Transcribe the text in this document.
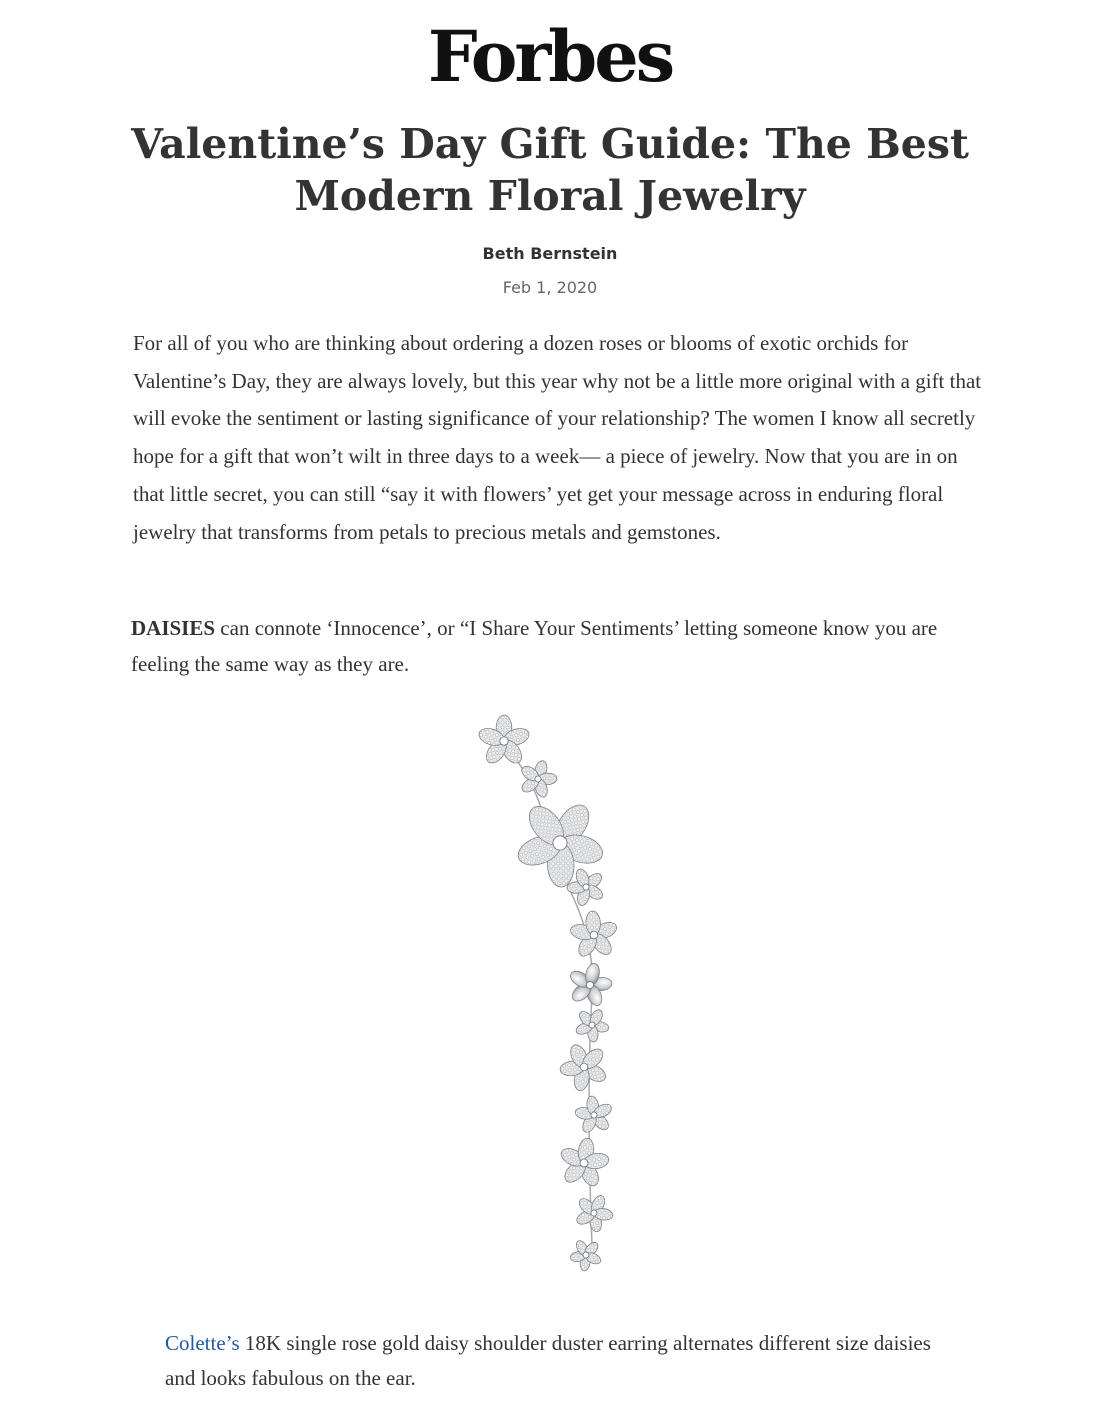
Forbes
Valentine’s Day Gift Guide: The Best Modern Floral Jewelry
Beth Bernstein
Feb 1, 2020

For all of you who are thinking about ordering a dozen roses or blooms of exotic orchids for Valentine’s Day, they are always lovely, but this year why not be a little more original with a gift that will evoke the sentiment or lasting significance of your relationship? The women I know all secretly hope for a gift that won’t wilt in three days to a week— a piece of jewelry. Now that you are in on that little secret, you can still “say it with flowers’ yet get your message across in enduring floral jewelry that transforms from petals to precious metals and gemstones.

DAISIES can connote ‘Innocence’, or “I Share Your Sentiments’ letting someone know you are feeling the same way as they are.

Colette’s 18K single rose gold daisy shoulder duster earring alternates different size daisies and looks fabulous on the ear.
